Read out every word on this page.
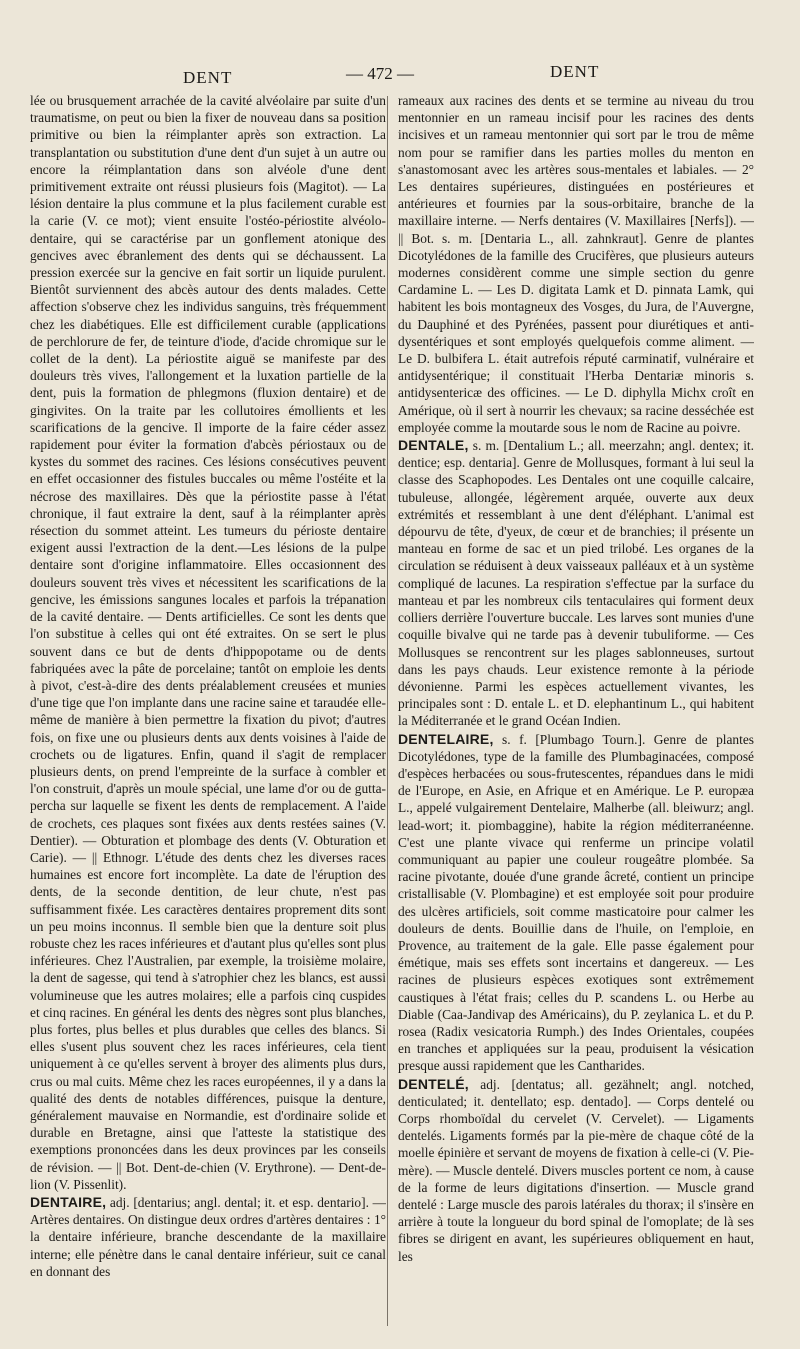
DENT	— 472 —	DENT

lée ou brusquement arrachée de la cavité alvéolaire par suite d'un traumatisme, on peut ou bien la fixer de nouveau dans sa position primitive ou bien la réimplanter après son extraction. La transplantation ou substitution d'une dent d'un sujet à un autre ou encore la réimplantation dans son alvéole d'une dent primitivement extraite ont réussi plusieurs fois (Magitot). — La lésion dentaire la plus commune et la plus facilement curable est la carie (V. ce mot); vient ensuite l'ostéo-périostite alvéolo-dentaire, qui se caractérise par un gonflement atonique des gencives avec ébranlement des dents qui se déchaussent. La pression exercée sur la gencive en fait sortir un liquide purulent. Bientôt surviennent des abcès autour des dents malades. Cette affection s'observe chez les individus sanguins, très fréquemment chez les diabétiques. Elle est difficilement curable (applications de perchlorure de fer, de teinture d'iode, d'acide chromique sur le collet de la dent). La périostite aiguë se manifeste par des douleurs très vives, l'allongement et la luxation partielle de la dent, puis la formation de phlegmons (fluxion dentaire) et de gingivites. On la traite par les collutoires émollients et les scarifications de la gencive. Il importe de la faire céder assez rapidement pour éviter la formation d'abcès périostaux ou de kystes du sommet des racines. Ces lésions consécutives peuvent en effet occasionner des fistules buccales ou même l'ostéite et la nécrose des maxillaires. Dès que la périostite passe à l'état chronique, il faut extraire la dent, sauf à la réimplanter après résection du sommet atteint. Les tumeurs du périoste dentaire exigent aussi l'extraction de la dent.—Les lésions de la pulpe dentaire sont d'origine inflammatoire. Elles occasionnent des douleurs souvent très vives et nécessitent les scarifications de la gencive, les émissions sangunes locales et parfois la trépanation de la cavité dentaire. — Dents artificielles. Ce sont les dents que l'on substitue à celles qui ont été extraites. On se sert le plus souvent dans ce but de dents d'hippopotame ou de dents fabriquées avec la pâte de porcelaine; tantôt on emploie les dents à pivot, c'est-à-dire des dents préalablement creusées et munies d'une tige que l'on implante dans une racine saine et taraudée elle-même de manière à bien permettre la fixation du pivot; d'autres fois, on fixe une ou plusieurs dents aux dents voisines à l'aide de crochets ou de ligatures. Enfin, quand il s'agit de remplacer plusieurs dents, on prend l'empreinte de la surface à combler et l'on construit, d'après un moule spécial, une lame d'or ou de gutta-percha sur laquelle se fixent les dents de remplacement. A l'aide de crochets, ces plaques sont fixées aux dents restées saines (V. Dentier). — Obturation et plombage des dents (V. Obturation et Carie). — || Ethnogr. L'étude des dents chez les diverses races humaines est encore fort incomplète. La date de l'éruption des dents, de la seconde dentition, de leur chute, n'est pas suffisamment fixée. Les caractères dentaires proprement dits sont un peu moins inconnus. Il semble bien que la denture soit plus robuste chez les races inférieures et d'autant plus qu'elles sont plus inférieures. Chez l'Australien, par exemple, la troisième molaire, la dent de sagesse, qui tend à s'atrophier chez les blancs, est aussi volumineuse que les autres molaires; elle a parfois cinq cuspides et cinq racines. En général les dents des nègres sont plus blanches, plus fortes, plus belles et plus durables que celles des blancs. Si elles s'usent plus souvent chez les races inférieures, cela tient uniquement à ce qu'elles servent à broyer des aliments plus durs, crus ou mal cuits. Même chez les races européennes, il y a dans la qualité des dents de notables différences, puisque la denture, généralement mauvaise en Normandie, est d'ordinaire solide et durable en Bretagne, ainsi que l'atteste la statistique des exemptions prononcées dans les deux provinces par les conseils de révision. — || Bot. Dent-de-chien (V. Erythrone). — Dent-de-lion (V. Pissenlit).

DENTAIRE, adj. [dentarius; angl. dental; it. et esp. dentario]. — Artères dentaires. On distingue deux ordres d'artères dentaires : 1° la dentaire inférieure, branche descendante de la maxillaire interne; elle pénètre dans le canal dentaire inférieur, suit ce canal en donnant des

rameaux aux racines des dents et se termine au niveau du trou mentonnier en un rameau incisif pour les racines des dents incisives et un rameau mentonnier qui sort par le trou de même nom pour se ramifier dans les parties molles du menton en s'anastomosant avec les artères sous-mentales et labiales. — 2° Les dentaires supérieures, distinguées en postérieures et antérieures et fournies par la sous-orbitaire, branche de la maxillaire interne. — Nerfs dentaires (V. Maxillaires [Nerfs]). — || Bot. s. m. [Dentaria L., all. zahnkraut]. Genre de plantes Dicotylédones de la famille des Crucifères, que plusieurs auteurs modernes considèrent comme une simple section du genre Cardamine L. — Les D. digitata Lamk et D. pinnata Lamk, qui habitent les bois montagneux des Vosges, du Jura, de l'Auvergne, du Dauphiné et des Pyrénées, passent pour diurétiques et anti-dysentériques et sont employés quelquefois comme aliment. — Le D. bulbifera L. était autrefois réputé carminatif, vulnéraire et antidysentérique; il constituait l'Herba Dentariæ minoris s. antidysentericæ des officines. — Le D. diphylla Michx croît en Amérique, où il sert à nourrir les chevaux; sa racine desséchée est employée comme la moutarde sous le nom de Racine au poivre.

DENTALE, s. m. [Dentalium L.; all. meerzahn; angl. dentex; it. dentice; esp. dentaria]. Genre de Mollusques, formant à lui seul la classe des Scaphopodes. Les Dentales ont une coquille calcaire, tubuleuse, allongée, légèrement arquée, ouverte aux deux extrémités et ressemblant à une dent d'éléphant. L'animal est dépourvu de tête, d'yeux, de cœur et de branchies; il présente un manteau en forme de sac et un pied trilobé. Les organes de la circulation se réduisent à deux vaisseaux palléaux et à un système compliqué de lacunes. La respiration s'effectue par la surface du manteau et par les nombreux cils tentaculaires qui forment deux colliers derrière l'ouverture buccale. Les larves sont munies d'une coquille bivalve qui ne tarde pas à devenir tubuliforme. — Ces Mollusques se rencontrent sur les plages sablonneuses, surtout dans les pays chauds. Leur existence remonte à la période dévonienne. Parmi les espèces actuellement vivantes, les principales sont : D. entale L. et D. elephantinum L., qui habitent la Méditerranée et le grand Océan Indien.

DENTELAIRE, s. f. [Plumbago Tourn.]. Genre de plantes Dicotylédones, type de la famille des Plumbaginacées, composé d'espèces herbacées ou sous-frutescentes, répandues dans le midi de l'Europe, en Asie, en Afrique et en Amérique. Le P. europæa L., appelé vulgairement Dentelaire, Malherbe (all. bleiwurz; angl. lead-wort; it. piombaggine), habite la région méditerranéenne. C'est une plante vivace qui renferme un principe volatil communiquant au papier une couleur rougeâtre plombée. Sa racine pivotante, douée d'une grande âcreté, contient un principe cristallisable (V. Plombagine) et est employée soit pour produire des ulcères artificiels, soit comme masticatoire pour calmer les douleurs de dents. Bouillie dans de l'huile, on l'emploie, en Provence, au traitement de la gale. Elle passe également pour émétique, mais ses effets sont incertains et dangereux. — Les racines de plusieurs espèces exotiques sont extrêmement caustiques à l'état frais; celles du P. scandens L. ou Herbe au Diable (Caa-Jandivap des Américains), du P. zeylanica L. et du P. rosea (Radix vesicatoria Rumph.) des Indes Orientales, coupées en tranches et appliquées sur la peau, produisent la vésication presque aussi rapidement que les Cantharides.

DENTELÉ, adj. [dentatus; all. gezähnelt; angl. notched, denticulated; it. dentellato; esp. dentado]. — Corps dentelé ou Corps rhomboïdal du cervelet (V. Cervelet). — Ligaments dentelés. Ligaments formés par la pie-mère de chaque côté de la moelle épinière et servant de moyens de fixation à celle-ci (V. Pie-mère). — Muscle dentelé. Divers muscles portent ce nom, à cause de la forme de leurs digitations d'insertion. — Muscle grand dentelé : Large muscle des parois latérales du thorax; il s'insère en arrière à toute la longueur du bord spinal de l'omoplate; de là ses fibres se dirigent en avant, les supérieures obliquement en haut, les
